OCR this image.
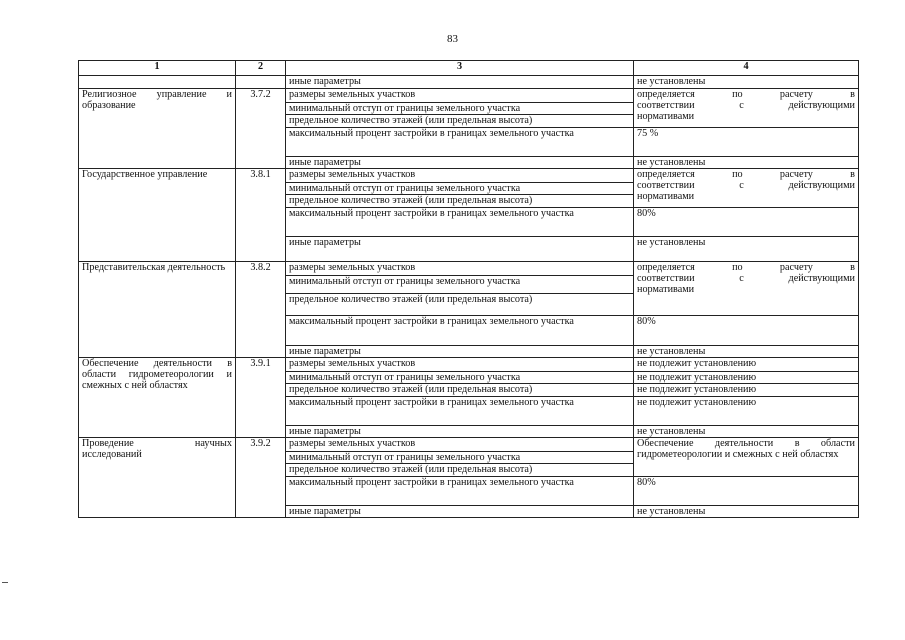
83
1	2	3	4
		иные параметры	не установлены
Религиозное управление и образование	3.7.2	размеры земельных участков	определяется по расчету в
соответствии с действующими
нормативами
		минимальный отступ от границы земельного участка	
		предельное количество этажей (или предельная высота)	
		максимальный процент застройки в границах земельного участка	75 %
		иные параметры	не установлены
Государственное управление	3.8.1	размеры земельных участков	определяется по расчету в
соответствии с действующими
нормативами
		минимальный отступ от границы земельного участка	
		предельное количество этажей (или предельная высота)	
		максимальный процент застройки в границах земельного участка	80%
		иные параметры	не установлены
Представительская деятельность	3.8.2	размеры земельных участков	определяется по расчету в
соответствии с действующими
нормативами
		минимальный отступ от границы земельного участка	
		предельное количество этажей (или предельная высота)	
		максимальный процент застройки в границах земельного участка	80%
		иные параметры	не установлены
Обеспечение деятельности в области гидрометеорологии и смежных с ней областях	3.9.1	размеры земельных участков	не подлежит установлению
		минимальный отступ от границы земельного участка	не подлежит установлению
		предельное количество этажей (или предельная высота)	не подлежит установлению
		максимальный процент застройки в границах земельного участка	не подлежит установлению
		иные параметры	не установлены
Проведение научных исследований	3.9.2	размеры земельных участков	Обеспечение деятельности в области гидрометеорологии и смежных с ней областях
		минимальный отступ от границы земельного участка	
		предельное количество этажей (или предельная высота)	
		максимальный процент застройки в границах земельного участка	80%
		иные параметры	не установлены
